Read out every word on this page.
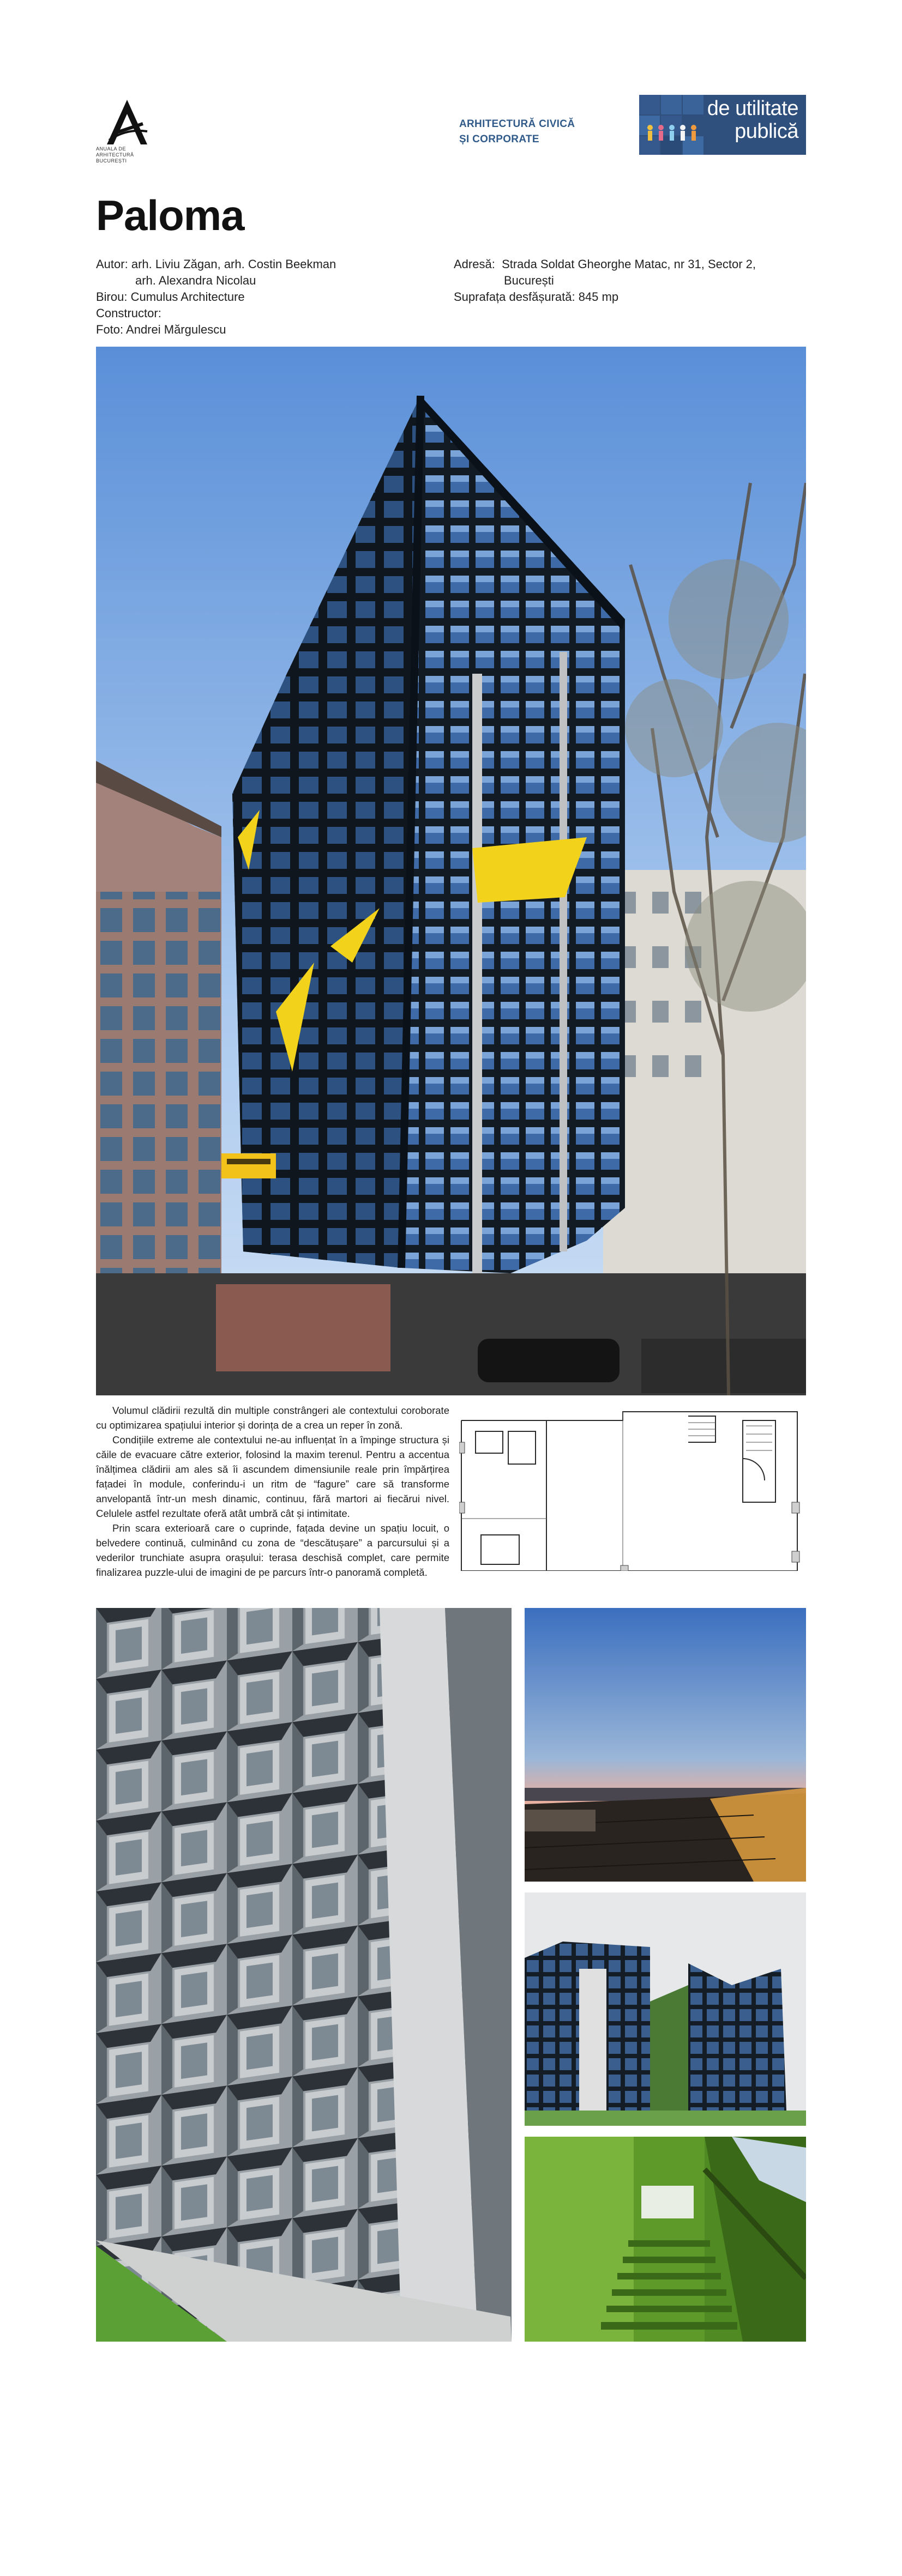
ANUALA DE ARHITECTURĂ BUCUREȘTI
ARHITECTURĂ CIVICĂ
ȘI CORPORATE
de utilitate
publică
Paloma
Autor: arh. Liviu Zăgan, arh. Costin Beekman
arh. Alexandra Nicolau
Birou: Cumulus Architecture
Constructor:
Foto: Andrei Mărgulescu
Adresă: Strada Soldat Gheorghe Matac, nr 31, Sector 2,
București
Suprafața desfășurată: 845 mp

Volumul clădirii rezultă din multiple constrângeri ale contextului coroborate cu optimizarea spațiului interior și dorința de a crea un reper în zonă.

Condițiile extreme ale contextului ne-au influențat în a împinge structura și căile de evacuare către exterior, folosind la maxim terenul. Pentru a accentua înălțimea clădirii am ales să îi ascundem dimensiunile reale prin împărțirea fațadei în module, conferindu-i un ritm de “fagure” care să transforme anvelopantă într-un mesh dinamic, continuu, fără martori ai fiecărui nivel. Celulele astfel rezultate oferă atât umbră cât și intimitate.

Prin scara exterioară care o cuprinde, fațada devine un spațiu locuit, o belvedere continuă, culminând cu zona de “descătușare” a parcursului și a vederilor trunchiate asupra orașului: terasa deschisă complet, care permite finalizarea puzzle-ului de imagini de pe parcurs într-o panoramă completă.
